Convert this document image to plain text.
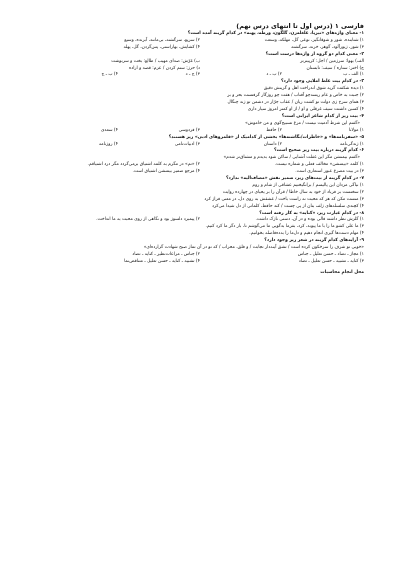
فارسی ۱ (درس اول تا انتهای درس نهم)
۱- معنای واژه‌های «تیزپا، غلغله‌زن، گلگون، ورطه، پهنه» در کدام گزینه آمده است؟
۱) شتابنده، شور و شوقانگیز، نوعی گل، مهلکه، وسعت
۲) سریع، سرگشته، بی‌مانند، آبرنده، وسیع
۳) شور، زیورآلود، گوهر، خرند، سرگشته
۴) کشایش، بهاراستی، پس‌گردن، گل، پهله
۲- معنی کدام دو گروه از واژه‌ها درست است؟
الف) بهوا: سرزمین / اجل: کرپیترتر
ب) غرّش: صدای مهیب / طالع: بخت و سرنوشت
ج) اختر: ستاره / سیف: تابستان
د) حرز: ستم کردن / عزم: قصد و اراده
۱) الف ـ ب
۲) ب ـ د
۳) ج ـ د
۴) ب ـ ج
۳- در کدام بیت غلط املایی وجود دارد؟
۱) دیده شکفت گریه شوق اندراخت اهل و گزینش دقیق
۲) جنبت به خاص و عام ریسه‌چو آفتاب / هفت چو روزگار گرفتست بحر و بر
۳) همای سرخ زی دولت تو کشت ریان / عقاب جرّار در دشمن تو زند چنگال
۴) کسبن داشتت سیف غرقلی و او / از او کمتر امروز سیار داری
۴- بیت زیر از کدام شاعر ایرانی است؟
«گفتم این شرط آدمیت نیست / مرغ تسبیح‌گوی و من خاموش»
۱) مولانا
۲) حافظ
۳) فردوسی
۴) سعدی
۵- «سفرنامه‌ها» و «خاطرات/نگاشته‌ها» بخشی از کدامیک از «قلمروهای ادبی» زیر هستند؟
۱) زندگی‌نامه
۲) داستان
۳) ادبیات‌نامی
۴) روزنامه
۶- کدام گزینه درباره بیت زیر صحیح است؟
«گفتم بیمنشن مگر این غفلت آشنایی / ساکن شود بدیدم و مشتاق‌تر شدم»
۱) کلمه «بیمنشن» مخالف فعلی و شماره نیست.
۲) «تم» در مگرم به کلمه اشتیاق برمی‌گردد مگر درد اشتیاقم.
۳) در بیت مصرع عبور استعاری است.
۴) مرجع ضمیر بیمنشن اشتیاق است.
۷- در کدام گزینه از بیت‌های زیر، ضمیر نقش «مضاف‌الیه» ندارد؟
۱) نیاگی مردان این پالیسم / برانگیختیم عشاقی از شام و روم
۲) سختست بر فرباد از خود به سال خاطا / قرآن را بر یحیای در چهارده روایت
۳) منست مکن که هر که محبت نه راست باخت / عشقش به روی دل، در معنی فراز کرد
۴) کچندی سلسله‌های زلف بتان از پی چست / کند حافظ، کلماتی از دل شیدا می‌کرد
۸- در کدام عبارت زیر، «کنایه» به کار رفته است؟
۱) گلزش نظر داشته فالی بوده و در آن، دستی نازک داشت.
۲) پیمبرد دلسوز بود و نگاهی از روی محبت به ما انداخت.
۳) ما علی کشو ما را با ما پیوند، کرد، بفرما بدگویی ما می‌گوشم تا، بار دگر ما کرد کنیم.
۴) مهام دست‌ها گیری انجام دهیم و دل‌ما را به‌ده‌فاصله بخوانیم.
۹- آرایه‌های کدام گزینه در شعر زیر وجود دارد؟
«خوبی تو شرف را سرخکون کرده است / تشق آینه‌دار تجابت / و فلق، محراب / که تو در آن تماز صبح شهادت گزارده‌ای»
۱) مجاز ـ تضاد ـ حسن تعلیل ـ جناس
۲) جناس ـ مراعات‌نظیر ـ کنایه ـ تضاد
۳) کنایه ـ تشبیه ـ حسن تعلیل ـ تضاد
۴) تشبیه ـ کنایه ـ حسن تعلیل ـ متناقض‌نما
محل انجام محاسبات
